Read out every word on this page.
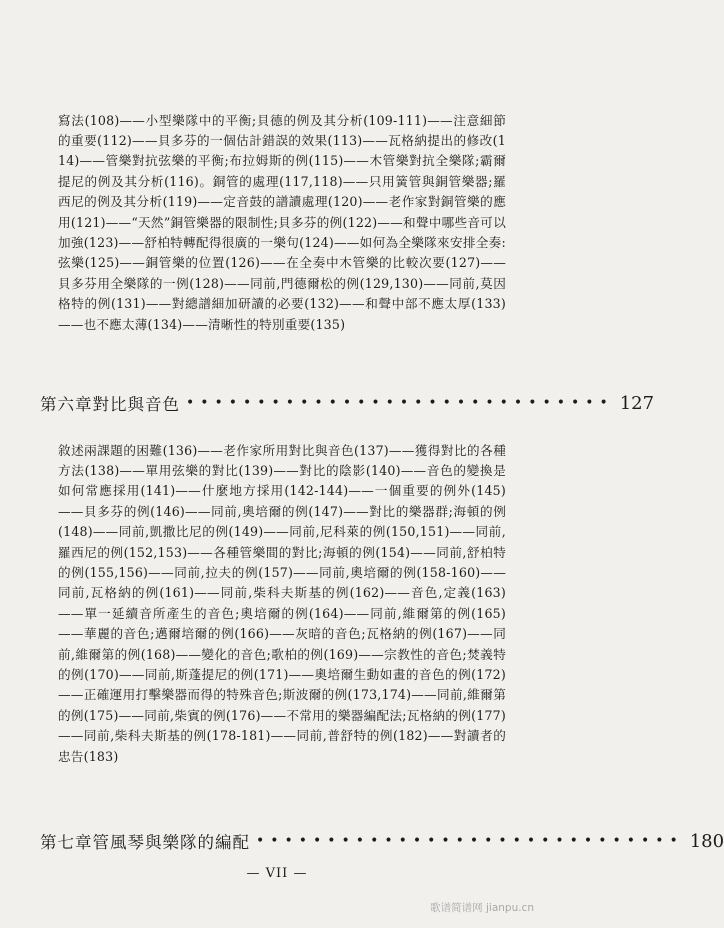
寫法(108)——小型樂隊中的平衡;貝德的例及其分析(109-111)——注意細節的重要(112)——貝多芬的一個估計錯誤的效果(113)——瓦格納提出的修改(114)——管樂對抗弦樂的平衡;布拉姆斯的例(115)——木管樂對抗全樂隊;霸爾提尼的例及其分析(116)。銅管的處理(117,118)——只用簧管與銅管樂器;羅西尼的例及其分析(119)——定音鼓的譜讀處理(120)——老作家對銅管樂的應用(121)——“天然”銅管樂器的限制性;貝多芬的例(122)——和聲中哪些音可以加強(123)——舒柏特轉配得很廣的一樂句(124)——如何為全樂隊來安排全奏:弦樂(125)——銅管樂的位置(126)——在全奏中木管樂的比較次要(127)——貝多芬用全樂隊的一例(128)——同前,門德爾松的例(129,130)——同前,莫因格特的例(131)——對總譜細加研讀的必要(132)——和聲中部不應太厚(133)——也不應太薄(134)——清晰性的特別重要(135)

第六章 對比與音色 •••••••••••••••••••••••••••••• 127

敘述兩課題的困難(136)——老作家所用對比與音色(137)——獲得對比的各種方法(138)——單用弦樂的對比(139)——對比的陰影(140)——音色的變換是如何常應採用(141)——什麼地方採用(142-144)——一個重要的例外(145)——貝多芬的例(146)——同前,奧培爾的例(147)——對比的樂器群;海頓的例(148)——同前,凱撒比尼的例(149)——同前,尼科萊的例(150,151)——同前,羅西尼的例(152,153)——各種管樂間的對比;海頓的例(154)——同前,舒柏特的例(155,156)——同前,拉夫的例(157)——同前,奧培爾的例(158-160)——同前,瓦格納的例(161)——同前,柴科夫斯基的例(162)——音色,定義(163)——單一延續音所產生的音色;奧培爾的例(164)——同前,維爾第的例(165)——華麗的音色;邁爾培爾的例(166)——灰暗的音色;瓦格納的例(167)——同前,維爾第的例(168)——變化的音色;歌柏的例(169)——宗教性的音色;焚義特的例(170)——同前,斯蓬提尼的例(171)——奧培爾生動如畫的音色的例(172)——正確運用打擊樂器而得的特殊音色;斯波爾的例(173,174)——同前,維爾第的例(175)——同前,柴賓的例(176)——不常用的樂器編配法;瓦格納的例(177)——同前,柴科夫斯基的例(178-181)——同前,普舒特的例(182)——對讀者的忠告(183)

第七章 管風琴與樂隊的編配 •••••••••••••••••••••••••••••• 180
— VII —
歌谱简谱网 jianpu.cn
